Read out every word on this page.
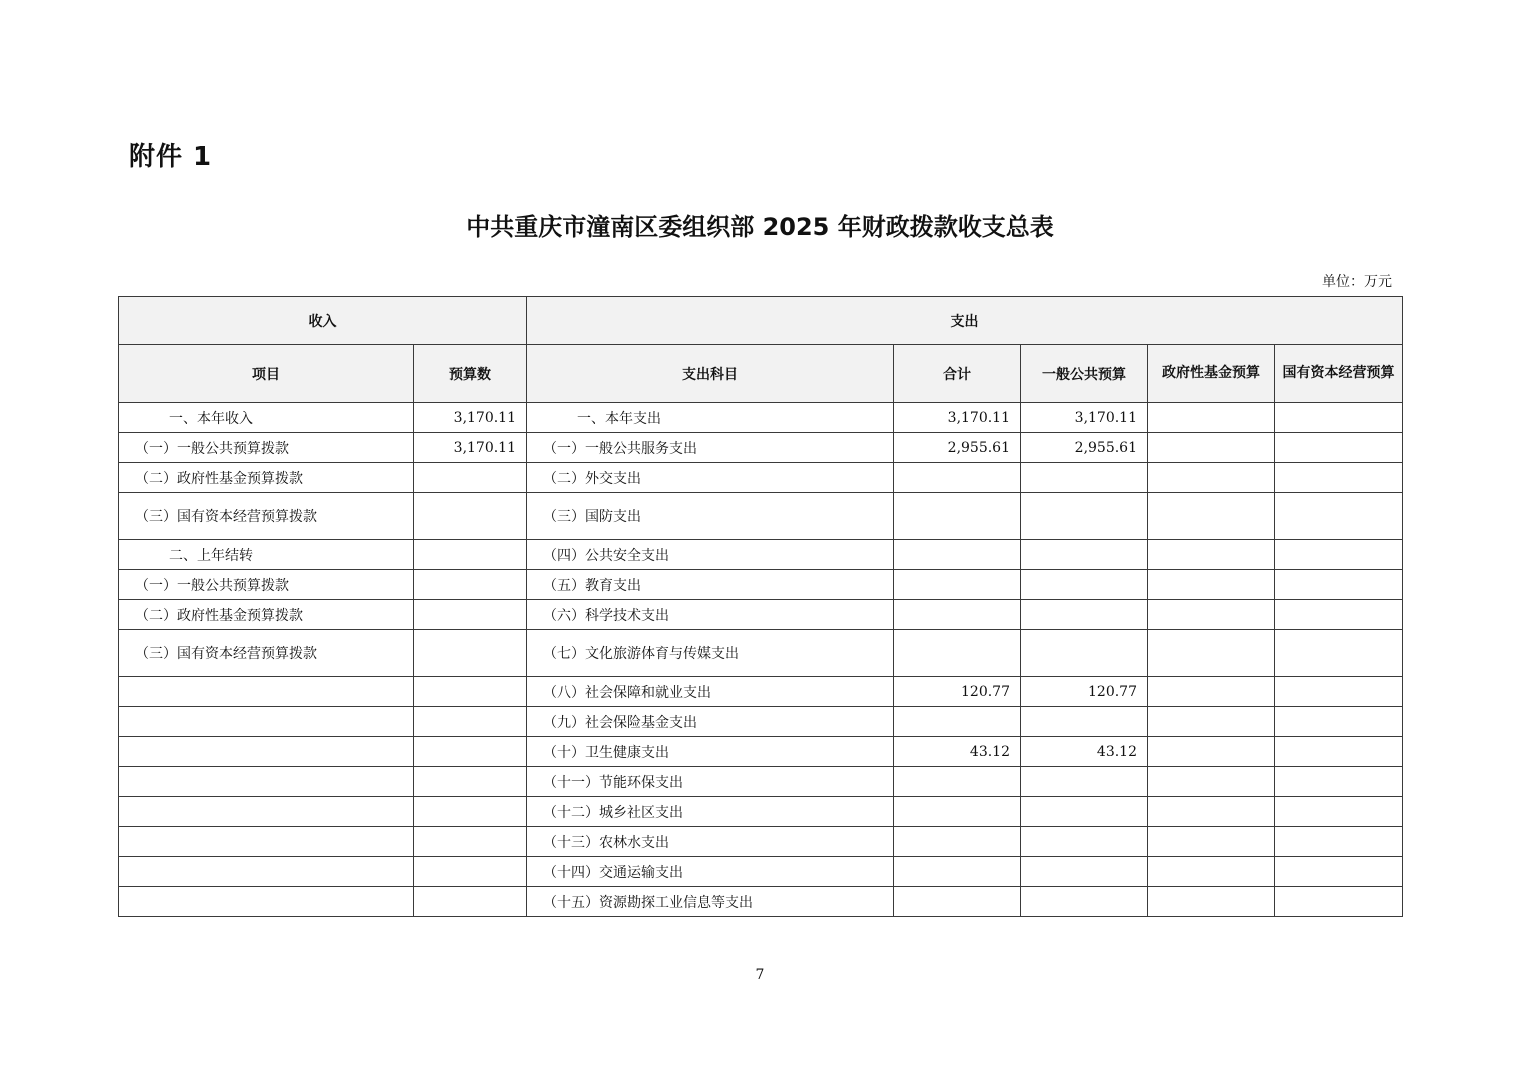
附件 1
中共重庆市潼南区委组织部 2025 年财政拨款收支总表
单位：万元
收入		支出				
项目	预算数	支出科目	合计	一般公共预算	政府性基金预算	国有资本经营预算
一、本年收入	3,170.11	一、本年支出	3,170.11	3,170.11		
（一）一般公共预算拨款	3,170.11	（一）一般公共服务支出	2,955.61	2,955.61		
（二）政府性基金预算拨款		（二）外交支出				
（三）国有资本经营预算拨款		（三）国防支出				
二、上年结转		（四）公共安全支出				
（一）一般公共预算拨款		（五）教育支出				
（二）政府性基金预算拨款		（六）科学技术支出				
（三）国有资本经营预算拨款		（七）文化旅游体育与传媒支出				
		（八）社会保障和就业支出	120.77	120.77		
		（九）社会保险基金支出				
		（十）卫生健康支出	43.12	43.12		
		（十一）节能环保支出				
		（十二）城乡社区支出				
		（十三）农林水支出				
		（十四）交通运输支出				
		（十五）资源勘探工业信息等支出				
7
